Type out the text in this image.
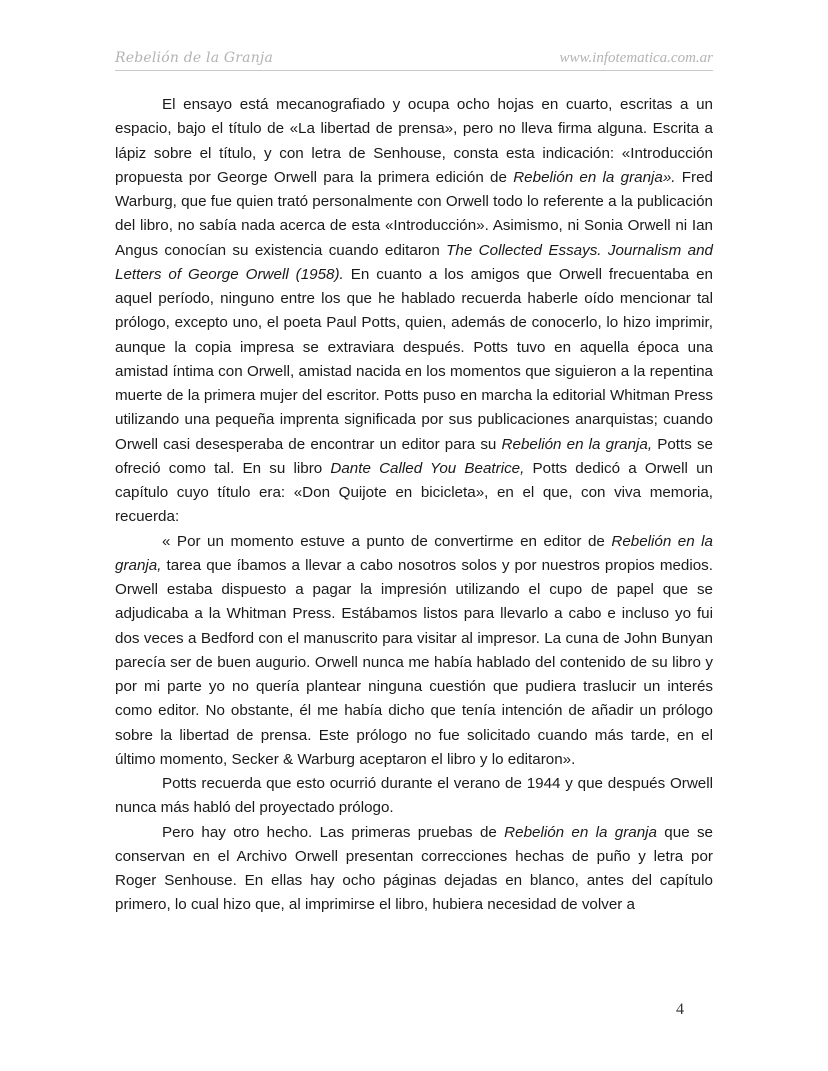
Rebelión de la Granja	www.infotematica.com.ar

El ensayo está mecanografiado y ocupa ocho hojas en cuarto, escritas a un espacio, bajo el título de «La libertad de prensa», pero no lleva firma alguna. Escrita a lápiz sobre el título, y con letra de Senhouse, consta esta indicación: «Introducción propuesta por George Orwell para la primera edición de Rebelión en la granja». Fred Warburg, que fue quien trató personalmente con Orwell todo lo referente a la publicación del libro, no sabía nada acerca de esta «Introducción». Asimismo, ni Sonia Orwell ni Ian Angus conocían su existencia cuando editaron The Collected Essays. Journalism and Letters of George Orwell (1958). En cuanto a los amigos que Orwell frecuentaba en aquel período, ninguno entre los que he hablado recuerda haberle oído mencionar tal prólogo, excepto uno, el poeta Paul Potts, quien, además de conocerlo, lo hizo imprimir, aunque la copia impresa se extraviara después. Potts tuvo en aquella época una amistad íntima con Orwell, amistad nacida en los momentos que siguieron a la repentina muerte de la primera mujer del escritor. Potts puso en marcha la editorial Whitman Press utilizando una pequeña imprenta significada por sus publicaciones anarquistas; cuando Orwell casi desesperaba de encontrar un editor para su Rebelión en la granja, Potts se ofreció como tal. En su libro Dante Called You Beatrice, Potts dedicó a Orwell un capítulo cuyo título era: «Don Quijote en bicicleta», en el que, con viva memoria, recuerda:

« Por un momento estuve a punto de convertirme en editor de Rebelión en la granja, tarea que íbamos a llevar a cabo nosotros solos y por nuestros propios medios. Orwell estaba dispuesto a pagar la impresión utilizando el cupo de papel que se adjudicaba a la Whitman Press. Estábamos listos para llevarlo a cabo e incluso yo fui dos veces a Bedford con el manuscrito para visitar al impresor. La cuna de John Bunyan parecía ser de buen augurio. Orwell nunca me había hablado del contenido de su libro y por mi parte yo no quería plantear ninguna cuestión que pudiera traslucir un interés como editor. No obstante, él me había dicho que tenía intención de añadir un prólogo sobre la libertad de prensa. Este prólogo no fue solicitado cuando más tarde, en el último momento, Secker & Warburg aceptaron el libro y lo editaron».

Potts recuerda que esto ocurrió durante el verano de 1944 y que después Orwell nunca más habló del proyectado prólogo.

Pero hay otro hecho. Las primeras pruebas de Rebelión en la granja que se conservan en el Archivo Orwell presentan correcciones hechas de puño y letra por Roger Senhouse. En ellas hay ocho páginas dejadas en blanco, antes del capítulo primero, lo cual hizo que, al imprimirse el libro, hubiera necesidad de volver a

4
